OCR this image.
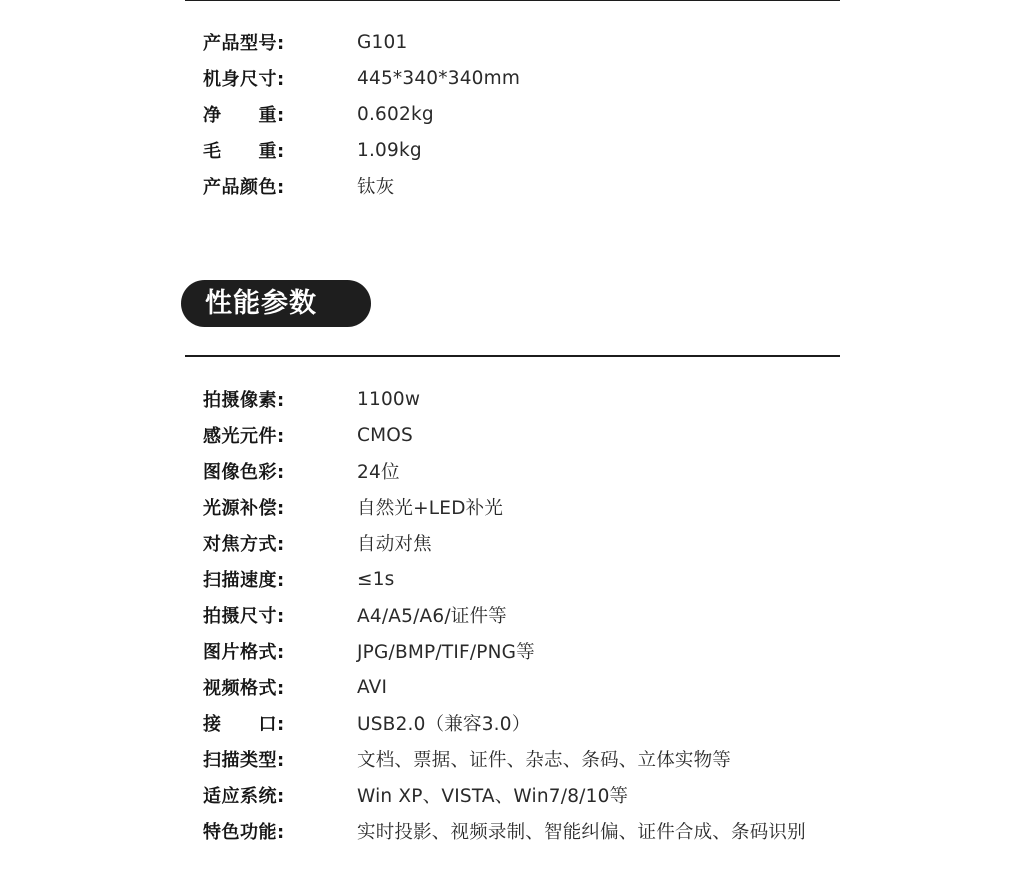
产品型号:	G101
机身尺寸:	445*340*340mm
净　　重:	0.602kg
毛　　重:	1.09kg
产品颜色:	钛灰
性能参数
拍摄像素:	1100w
感光元件:	CMOS
图像色彩:	24位
光源补偿:	自然光+LED补光
对焦方式:	自动对焦
扫描速度:	≤1s
拍摄尺寸:	A4/A5/A6/证件等
图片格式:	JPG/BMP/TIF/PNG等
视频格式:	AVI
接　　口:	USB2.0（兼容3.0）
扫描类型:	文档、票据、证件、杂志、条码、立体实物等
适应系统:	Win XP、VISTA、Win7/8/10等
特色功能:	实时投影、视频录制、智能纠偏、证件合成、条码识别
